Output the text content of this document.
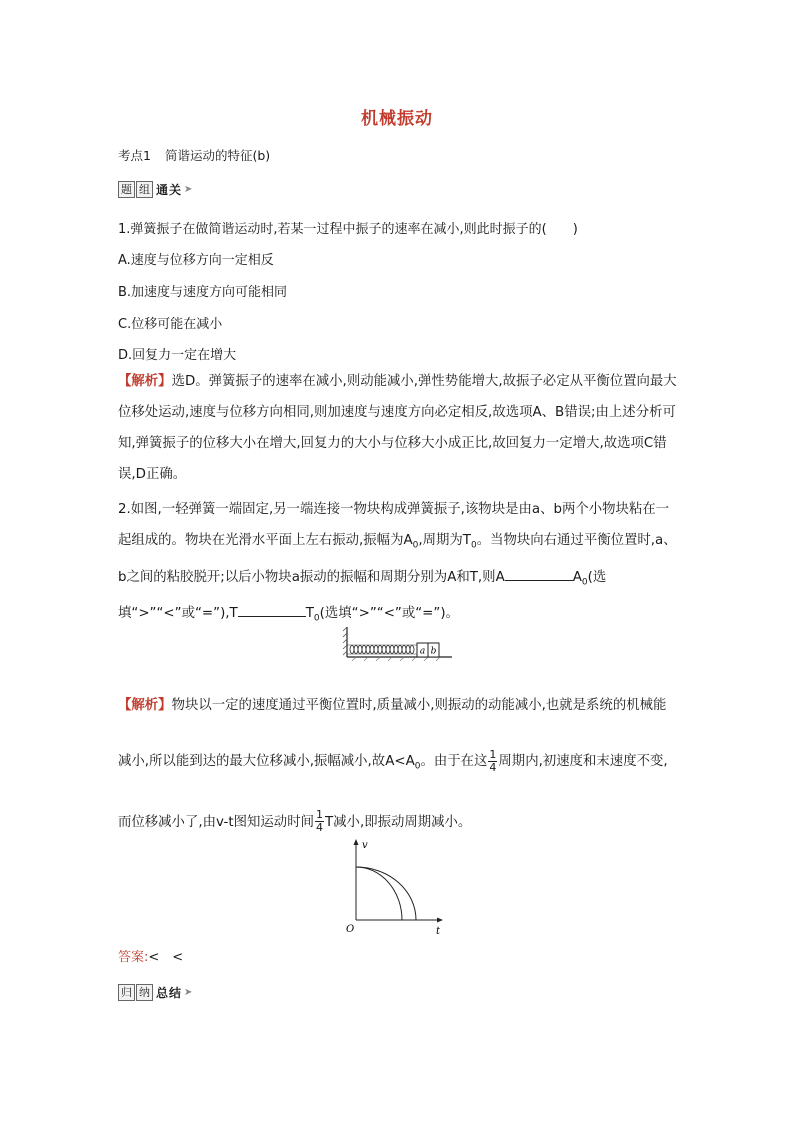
机械振动
考点1 简谐运动的特征(b)
题 组 通关 ➤
1.弹簧振子在做简谐运动时,若某一过程中振子的速率在减小,则此时振子的(　　)
A.速度与位移方向一定相反
B.加速度与速度方向可能相同
C.位移可能在减小
D.回复力一定在增大
【解析】选D。弹簧振子的速率在减小,则动能减小,弹性势能增大,故振子必定从平衡位置向最大位移处运动,速度与位移方向相同,则加速度与速度方向必定相反,故选项A、B错误;由上述分析可知,弹簧振子的位移大小在增大,回复力的大小与位移大小成正比,故回复力一定增大,故选项C错误,D正确。
2.如图,一轻弹簧一端固定,另一端连接一物块构成弹簧振子,该物块是由a、b两个小物块粘在一起组成的。物块在光滑水平面上左右振动,振幅为$A_0$,周期为$T_0$。当物块向右通过平衡位置时,a、b之间的粘胶脱开;以后小物块a振动的振幅和周期分别为A和T,则A	$A_0$(选填“>”“<”或“=”),T	$T_0$(选填“>”“<”或“=”)。
a b
【解析】物块以一定的速度通过平衡位置时,质量减小,则振动的动能减小,也就是系统的机械能减小,所以能到达的最大位移减小,振幅减小,故$A<A_0$。由于在这 $\frac{1}{4}$ 周期内,初速度和末速度不变,而位移减小了,由v-t图知运动时间 $\frac{1}{4}$ T减小,即振动周期减小。
v
O	t
答案:<　<
归 纳 总结 ➤
